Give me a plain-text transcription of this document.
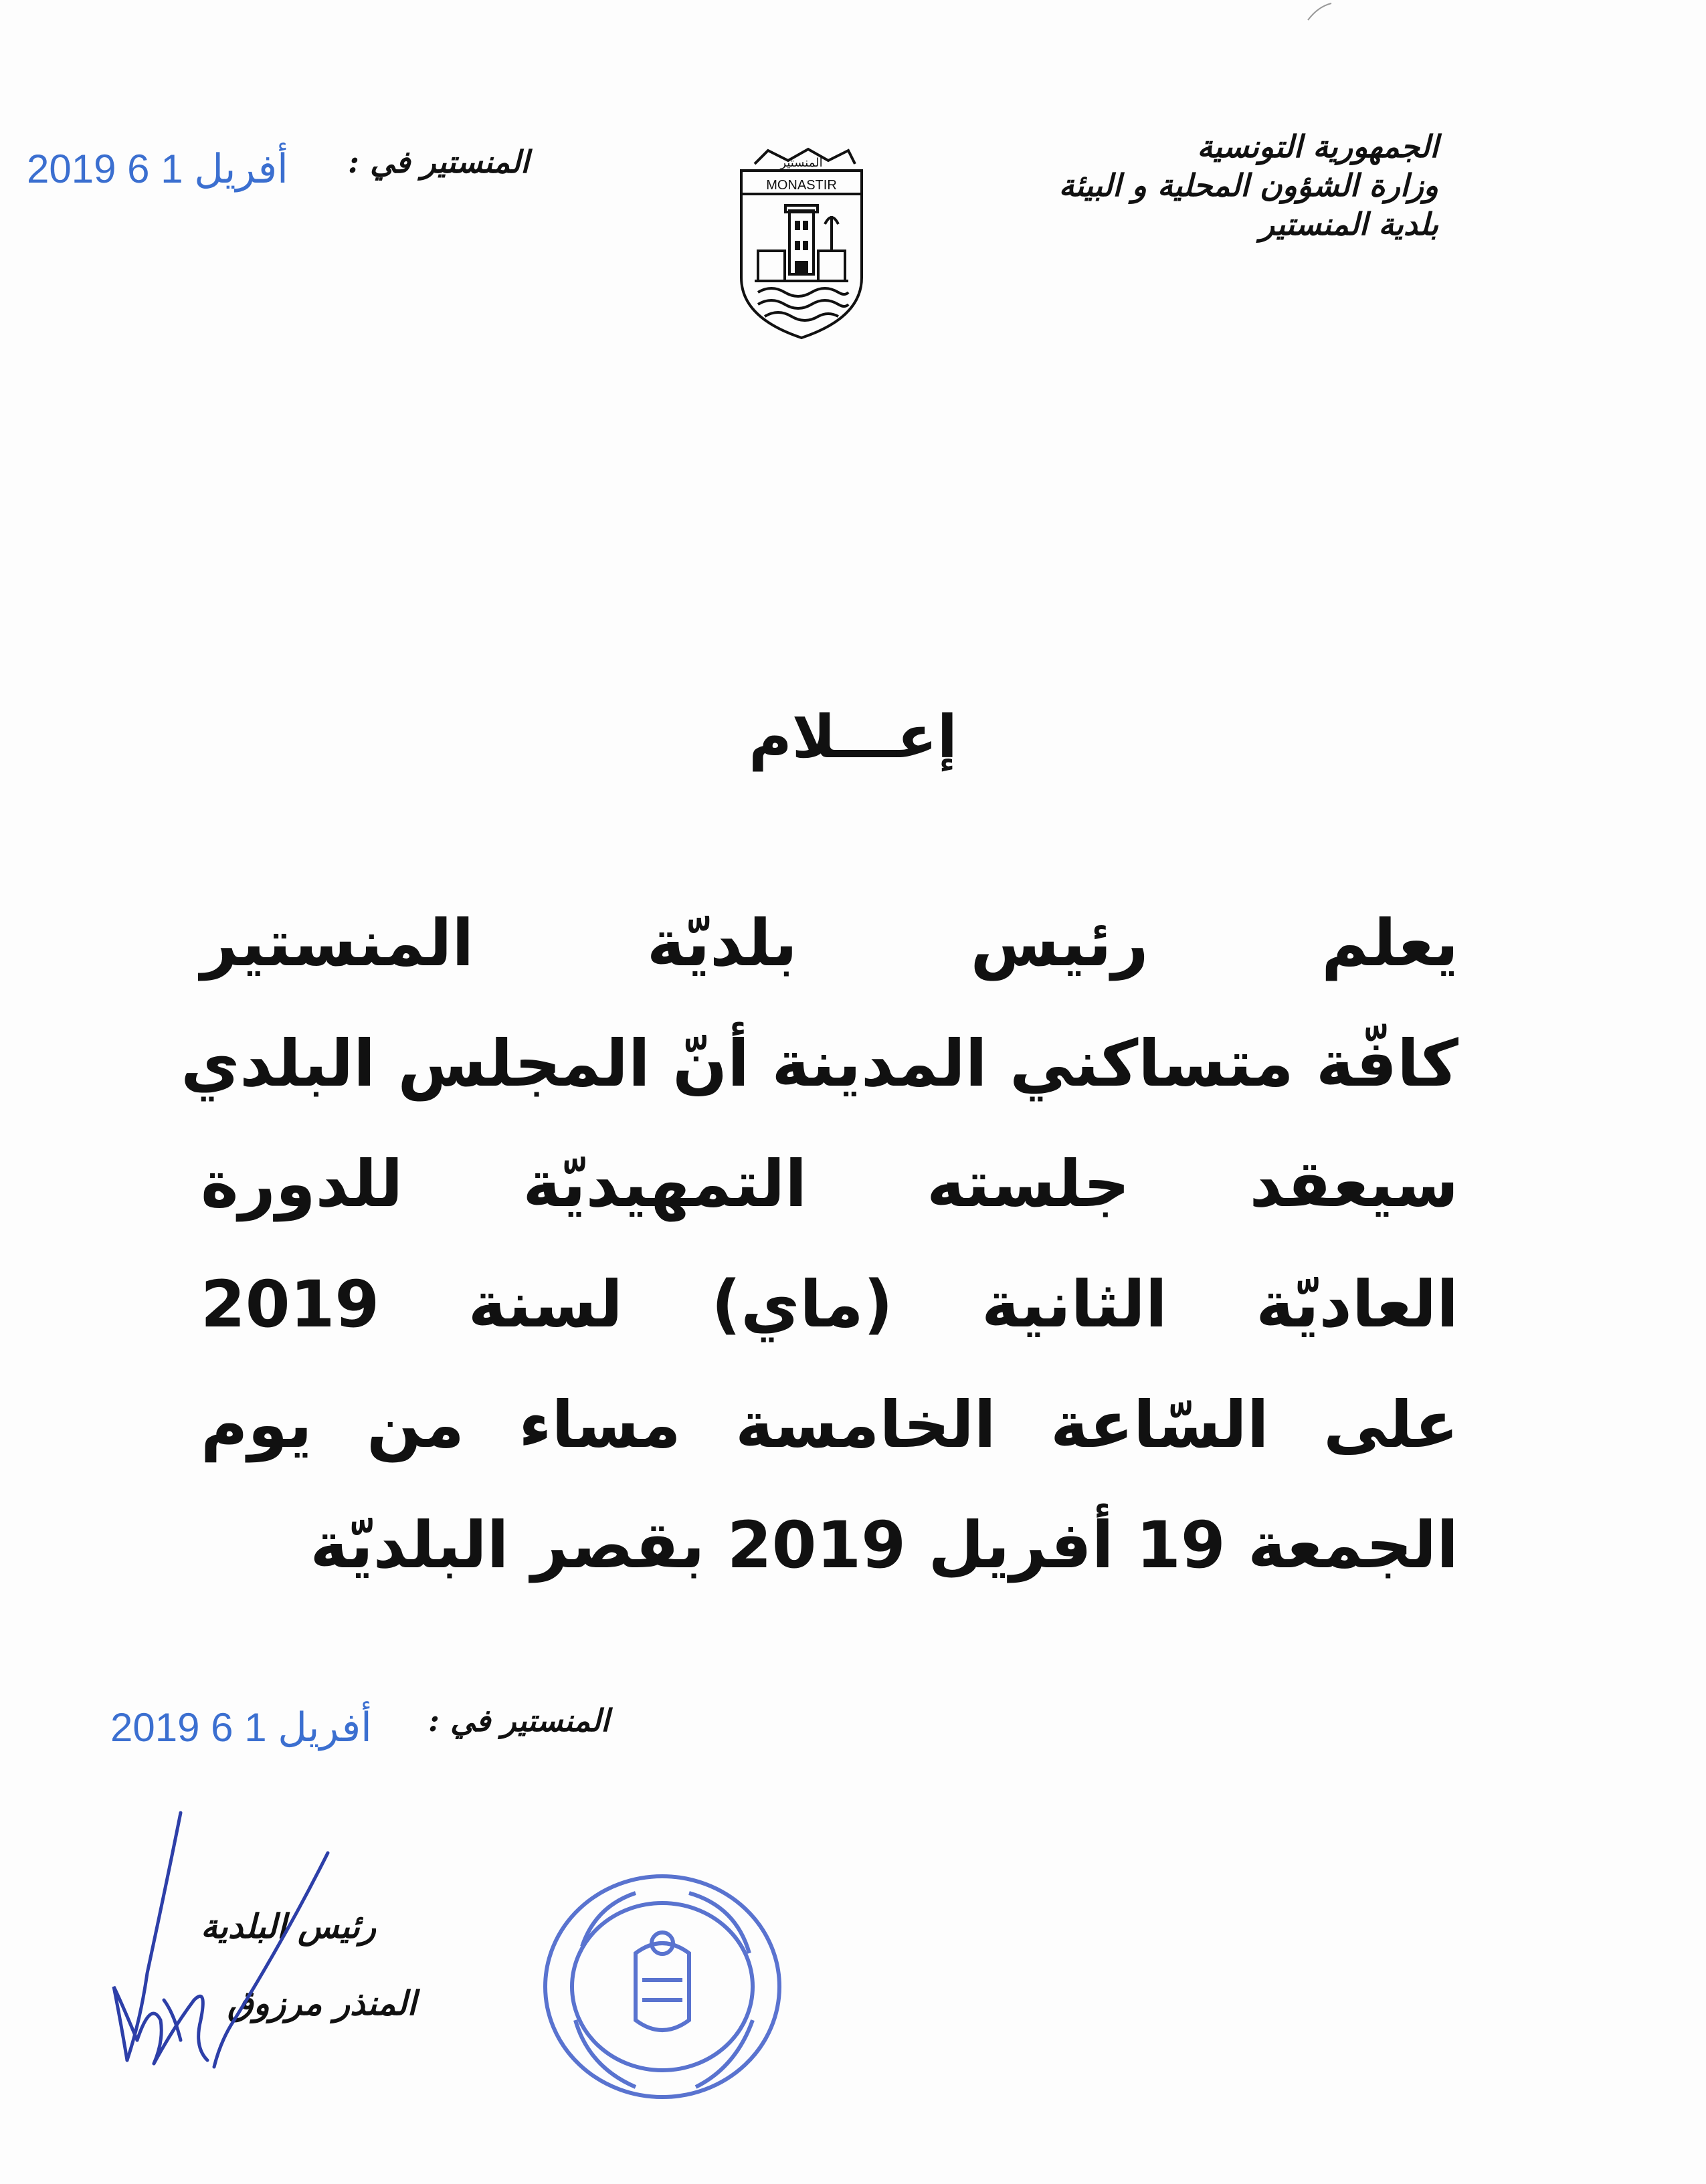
الجمهورية التونسية
وزارة الشؤون المحلية و البيئة
بلدية المنستير
MONASTIR
المنستير
المنستير في :
2019 أفريل 1 6
إعـــلام
يعلم رئيس بلديّة المنستير
كافّة متساكني المدينة أنّ المجلس البلدي
سيعقد جلسته التمهيديّة للدورة
العاديّة الثانية (ماي) لسنة 2019
على السّاعة الخامسة مساء من يوم
الجمعة 19 أفريل 2019 بقصر البلديّة
المنستير في :
2019 أفريل 1 6
رئيس البلدية
المنذر مرزوق
